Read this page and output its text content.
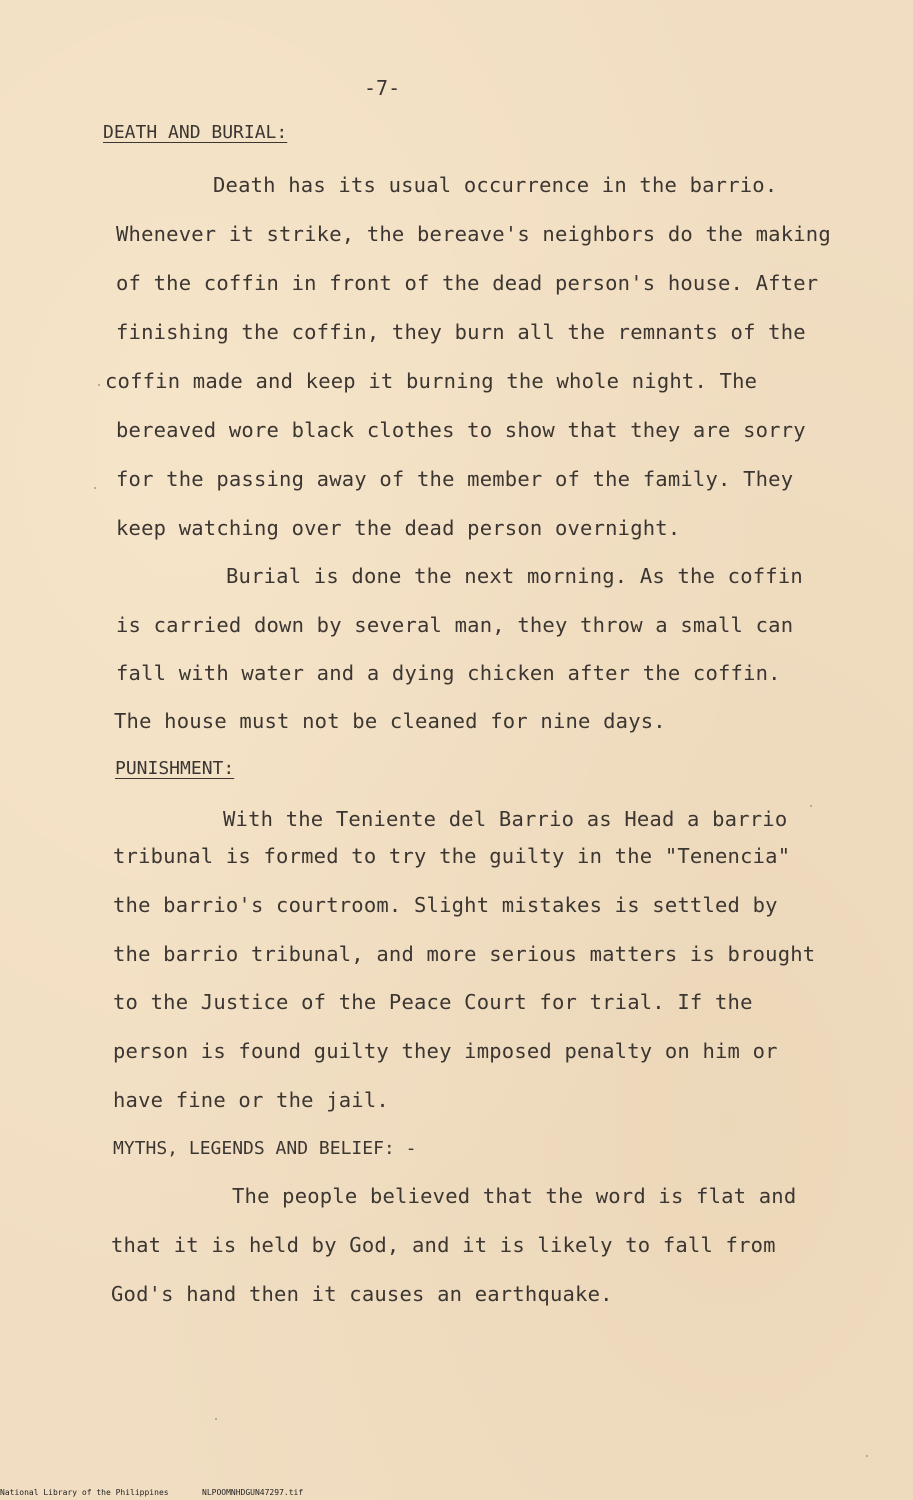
-7-
DEATH AND BURIAL:
Death has its usual occurrence in the barrio.
Whenever it strike, the bereave's neighbors do the making
of the coffin in front of the dead person's house. After
finishing the coffin, they burn all the remnants of the
coffin made and keep it burning the whole night. The
bereaved wore black clothes to show that they are sorry
for the passing away of the member of the family. They
keep watching over the dead person overnight.
Burial is done the next morning. As the coffin
is carried down by several man, they throw a small can
fall with water and a dying chicken after the coffin.
The house must not be cleaned for nine days.
PUNISHMENT:
With the Teniente del Barrio as Head a barrio
tribunal is formed to try the guilty in the "Tenencia"
the barrio's courtroom. Slight mistakes is settled by
the barrio tribunal, and more serious matters is brought
to the Justice of the Peace Court for trial. If the
person is found guilty they imposed penalty on him or
have fine or the jail.
MYTHS, LEGENDS AND BELIEF: -
The people believed that the word is flat and
that it is held by God, and it is likely to fall from
God's hand then it causes an earthquake.
National Library of the Philippines	NLPOOMNHDGUN47297.tif
